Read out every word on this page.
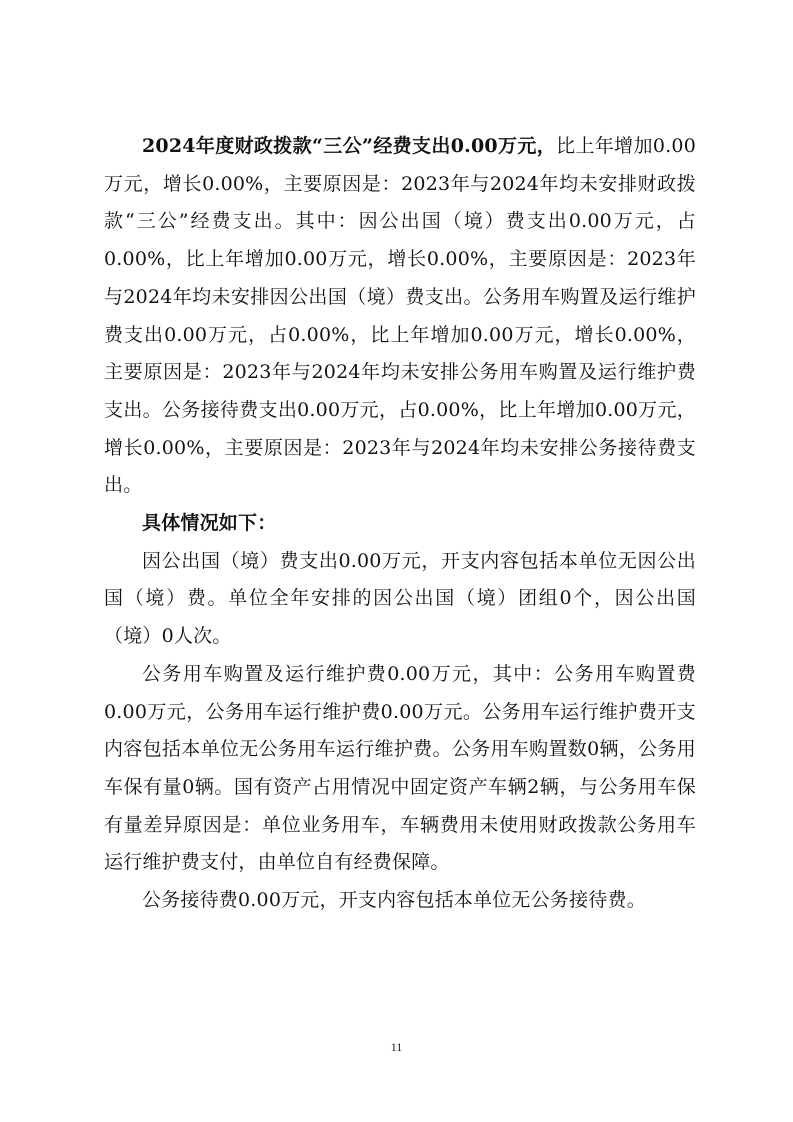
2024年度财政拨款“三公”经费支出0.00万元，比上年增加0.00万元，增长0.00%，主要原因是：2023年与2024年均未安排财政拨款“三公”经费支出。其中：因公出国（境）费支出0.00万元，占0.00%，比上年增加0.00万元，增长0.00%，主要原因是：2023年与2024年均未安排因公出国（境）费支出。公务用车购置及运行维护费支出0.00万元，占0.00%，比上年增加0.00万元，增长0.00%，主要原因是：2023年与2024年均未安排公务用车购置及运行维护费支出。公务接待费支出0.00万元，占0.00%，比上年增加0.00万元，增长0.00%，主要原因是：2023年与2024年均未安排公务接待费支出。

具体情况如下：

因公出国（境）费支出0.00万元，开支内容包括本单位无因公出国（境）费。单位全年安排的因公出国（境）团组0个，因公出国（境）0人次。

公务用车购置及运行维护费0.00万元，其中：公务用车购置费0.00万元，公务用车运行维护费0.00万元。公务用车运行维护费开支内容包括本单位无公务用车运行维护费。公务用车购置数0辆，公务用车保有量0辆。国有资产占用情况中固定资产车辆2辆，与公务用车保有量差异原因是：单位业务用车，车辆费用未使用财政拨款公务用车运行维护费支付，由单位自有经费保障。

公务接待费0.00万元，开支内容包括本单位无公务接待费。

11
